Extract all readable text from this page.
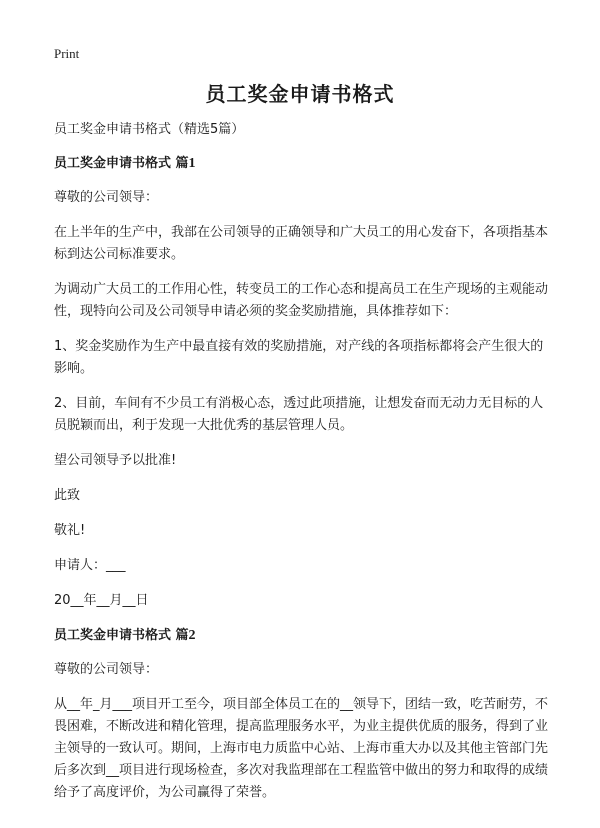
Print
员工奖金申请书格式

员工奖金申请书格式（精选5篇）

员工奖金申请书格式 篇1

尊敬的公司领导：

在上半年的生产中，我部在公司领导的正确领导和广大员工的用心发奋下，各项指基本标到达公司标准要求。

为调动广大员工的工作用心性，转变员工的工作心态和提高员工在生产现场的主观能动性，现特向公司及公司领导申请必须的奖金奖励措施，具体推荐如下：

1、奖金奖励作为生产中最直接有效的奖励措施，对产线的各项指标都将会产生很大的影响。

2、目前，车间有不少员工有消极心态，透过此项措施，让想发奋而无动力无目标的人员脱颖而出，利于发现一大批优秀的基层管理人员。

望公司领导予以批准!

此致

敬礼!

申请人：___

20__年__月__日

员工奖金申请书格式 篇2

尊敬的公司领导：

从__年_月___项目开工至今，项目部全体员工在的__领导下，团结一致，吃苦耐劳，不畏困难，不断改进和精化管理，提高监理服务水平，为业主提供优质的服务，得到了业主领导的一致认可。期间，上海市电力质监中心站、上海市重大办以及其他主管部门先后多次到__项目进行现场检查，多次对我监理部在工程监管中做出的努力和取得的成绩给予了高度评价，为公司赢得了荣誉。
